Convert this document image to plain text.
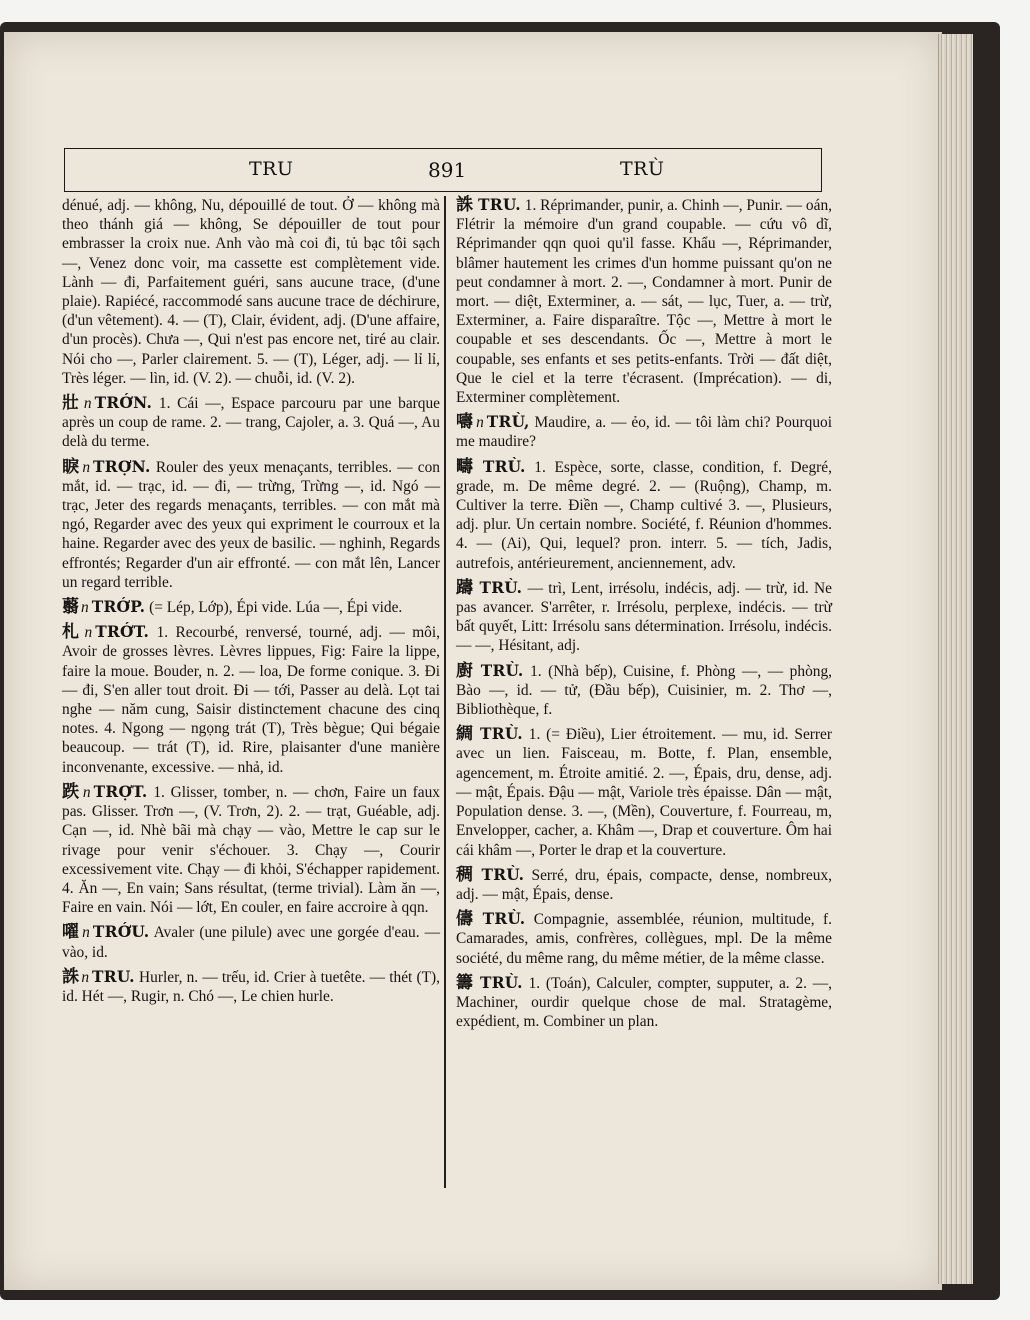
TRU	891	TRÙ
dénué, adj. — không, Nu, dépouillé de tout. Ở — không mà theo thánh giá — không, Se dépouiller de tout pour embrasser la croix nue. Anh vào mà coi đi, tủ bạc tôi sạch —, Venez donc voir, ma cassette est complètement vide. Lành — đi, Parfaitement guéri, sans aucune trace, (d'une plaie). Rapiécé, raccommodé sans aucune trace de déchirure, (d'un vêtement). 4. — (T), Clair, évident, adj. (D'une affaire, d'un procès). Chưa —, Qui n'est pas encore net, tiré au clair. Nói cho —, Parler clairement. 5. — (T), Léger, adj. — lỉ lỉ, Très léger. — lìn, id. (V. 2). — chuỗi, id. (V. 2).
壯 n TRỚN. 1. Cái —, Espace parcouru par une barque après un coup de rame. 2. — trang, Cajoler, a. 3. Quá —, Au delà du terme.
睙 n TRỢN. Rouler des yeux menaçants, terribles. — con mắt, id. — trạc, id. — đi, — trừng, Trừng —, id. Ngó — trạc, Jeter des regards menaçants, terribles. — con mắt mà ngó, Regarder avec des yeux qui expriment le courroux et la haine. Regarder avec des yeux de basilic. — nghinh, Regards effrontés; Regarder d'un air effronté. — con mắt lên, Lancer un regard terrible.
蘙 n TRỚP. (= Lép, Lớp), Épi vide. Lúa —, Épi vide.
札 n TRỚT. 1. Recourbé, renversé, tourné, adj. — môi, Avoir de grosses lèvres. Lèvres lippues, Fig: Faire la lippe, faire la moue. Bouder, n. 2. — loa, De forme conique. 3. Đi — đi, S'en aller tout droit. Đi — tới, Passer au delà. Lọt tai nghe — năm cung, Saisir distinctement chacune des cinq notes. 4. Ngong — ngọng trát (T), Très bègue; Qui bégaie beaucoup. — trát (T), id. Rire, plaisanter d'une manière inconvenante, excessive. — nhả, id.
跌 n TRỢT. 1. Glisser, tomber, n. — chơn, Faire un faux pas. Glisser. Trơn —, (V. Trơn, 2). 2. — trạt, Guéable, adj. Cạn —, id. Nhè bãi mà chạy — vào, Mettre le cap sur le rivage pour venir s'échouer. 3. Chạy —, Courir excessivement vite. Chạy — đi khỏi, S'échapper rapidement. 4. Ăn —, En vain; Sans résultat, (terme trivial). Làm ăn —, Faire en vain. Nói — lớt, En couler, en faire accroire à qqn.
嚁 n TRỚU. Avaler (une pilule) avec une gorgée d'eau. — vào, id.
誅 n TRU. Hurler, n. — trếu, id. Crier à tuetête. — thét (T), id. Hét —, Rugir, n. Chó —, Le chien hurle.
誅 TRU. 1. Réprimander, punir, a. Chinh —, Punir. — oán, Flétrir la mémoire d'un grand coupable. — cứu vô dĩ, Réprimander qqn quoi qu'il fasse. Khẩu —, Réprimander, blâmer hautement les crimes d'un homme puissant qu'on ne peut condamner à mort. 2. —, Condamner à mort. Punir de mort. — diệt, Exterminer, a. — sát, — lục, Tuer, a. — trừ, Exterminer, a. Faire disparaître. Tộc —, Mettre à mort le coupable et ses descendants. Ốc —, Mettre à mort le coupable, ses enfants et ses petits-enfants. Trời — đất diệt, Que le ciel et la terre t'écrasent. (Imprécation). — di, Exterminer complètement.
嚋 n TRÙ, Maudire, a. — ẻo, id. — tôi làm chi? Pourquoi me maudire?
疇 TRÙ. 1. Espèce, sorte, classe, condition, f. Degré, grade, m. De même degré. 2. — (Ruộng), Champ, m. Cultiver la terre. Điền —, Champ cultivé 3. —, Plusieurs, adj. plur. Un certain nombre. Société, f. Réunion d'hommes. 4. — (Ai), Qui, lequel? pron. interr. 5. — tích, Jadis, autrefois, antérieurement, anciennement, adv.
躊 TRÙ. — trì, Lent, irrésolu, indécis, adj. — trừ, id. Ne pas avancer. S'arrêter, r. Irrésolu, perplexe, indécis. — trừ bất quyết, Litt: Irrésolu sans détermination. Irrésolu, indécis. — —, Hésitant, adj.
廚 TRÙ. 1. (Nhà bếp), Cuisine, f. Phòng —, — phòng, Bào —, id. — tử, (Đầu bếp), Cuisinier, m. 2. Thơ —, Bibliothèque, f.
綢 TRÙ. 1. (= Điều), Lier étroitement. — mu, id. Serrer avec un lien. Faisceau, m. Botte, f. Plan, ensemble, agencement, m. Étroite amitié. 2. —, Épais, dru, dense, adj. — mật, Épais. Đậu — mật, Variole très épaisse. Dân — mật, Population dense. 3. —, (Mền), Couverture, f. Fourreau, m, Envelopper, cacher, a. Khâm —, Drap et couverture. Ôm hai cái khâm —, Porter le drap et la couverture.
稠 TRÙ. Serré, dru, épais, compacte, dense, nombreux, adj. — mật, Épais, dense.
儔 TRÙ. Compagnie, assemblée, réunion, multitude, f. Camarades, amis, confrères, collègues, mpl. De la même société, du même rang, du même métier, de la même classe.
籌 TRÙ. 1. (Toán), Calculer, compter, supputer, a. 2. —, Machiner, ourdir quelque chose de mal. Stratagème, expédient, m. Combiner un plan.
